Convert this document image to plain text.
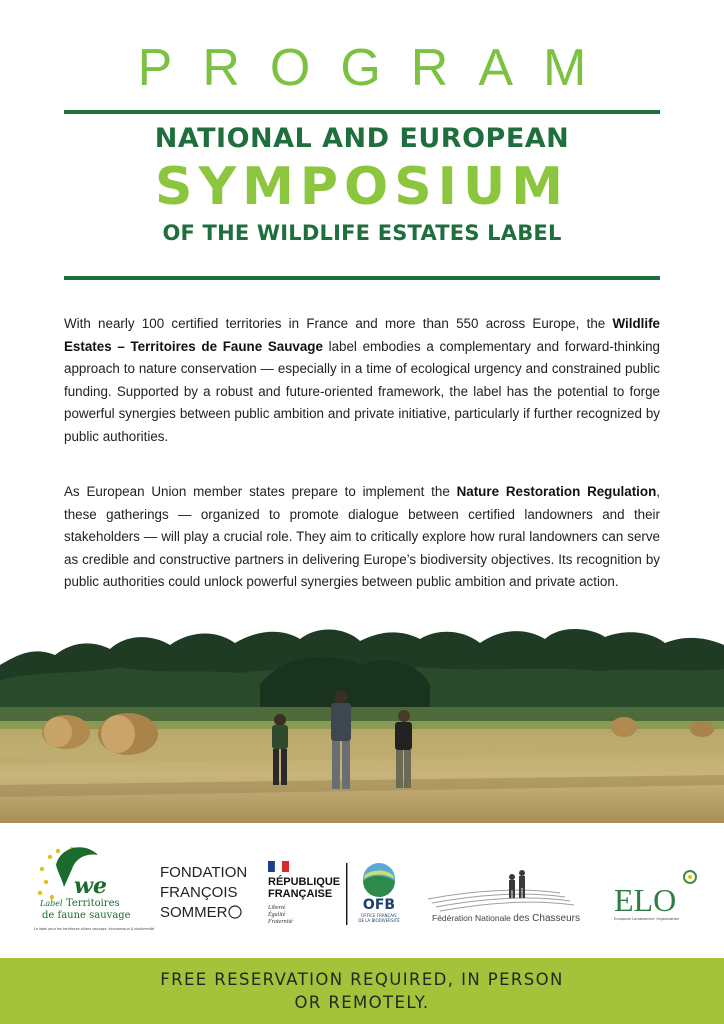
PROGRAM
NATIONAL AND EUROPEAN
SYMPOSIUM
OF THE WILDLIFE ESTATES LABEL
With nearly 100 certified territories in France and more than 550 across Europe, the Wildlife Estates – Territoires de Faune Sauvage label embodies a complementary and forward-thinking approach to nature conservation — especially in a time of ecological urgency and constrained public funding. Supported by a robust and future-oriented framework, the label has the potential to forge powerful synergies between public ambition and private initiative, particularly if further recognized by public authorities.
As European Union member states prepare to implement the Nature Restoration Regulation, these gatherings — organized to promote dialogue between certified landowners and their stakeholders — will play a crucial role. They aim to critically explore how rural landowners can serve as credible and constructive partners in delivering Europe’s biodiversity objectives. Its recognition by public authorities could unlock powerful synergies between public ambition and private action.
we
Label Territoires
de faune sauvage
Le label pour les territoires alliant sauvage, économique & biodiversité
FONDATION
FRANÇOIS
SOMMER
RÉPUBLIQUE
FRANÇAISE
Liberté
Égalité
Fraternité
OFB
OFFICE FRANÇAIS
DE LA BIODIVERSITÉ	Fédération Nationale des Chasseurs
ELO
European Landowners' Organization
FREE RESERVATION REQUIRED, IN PERSON
OR REMOTELY.
